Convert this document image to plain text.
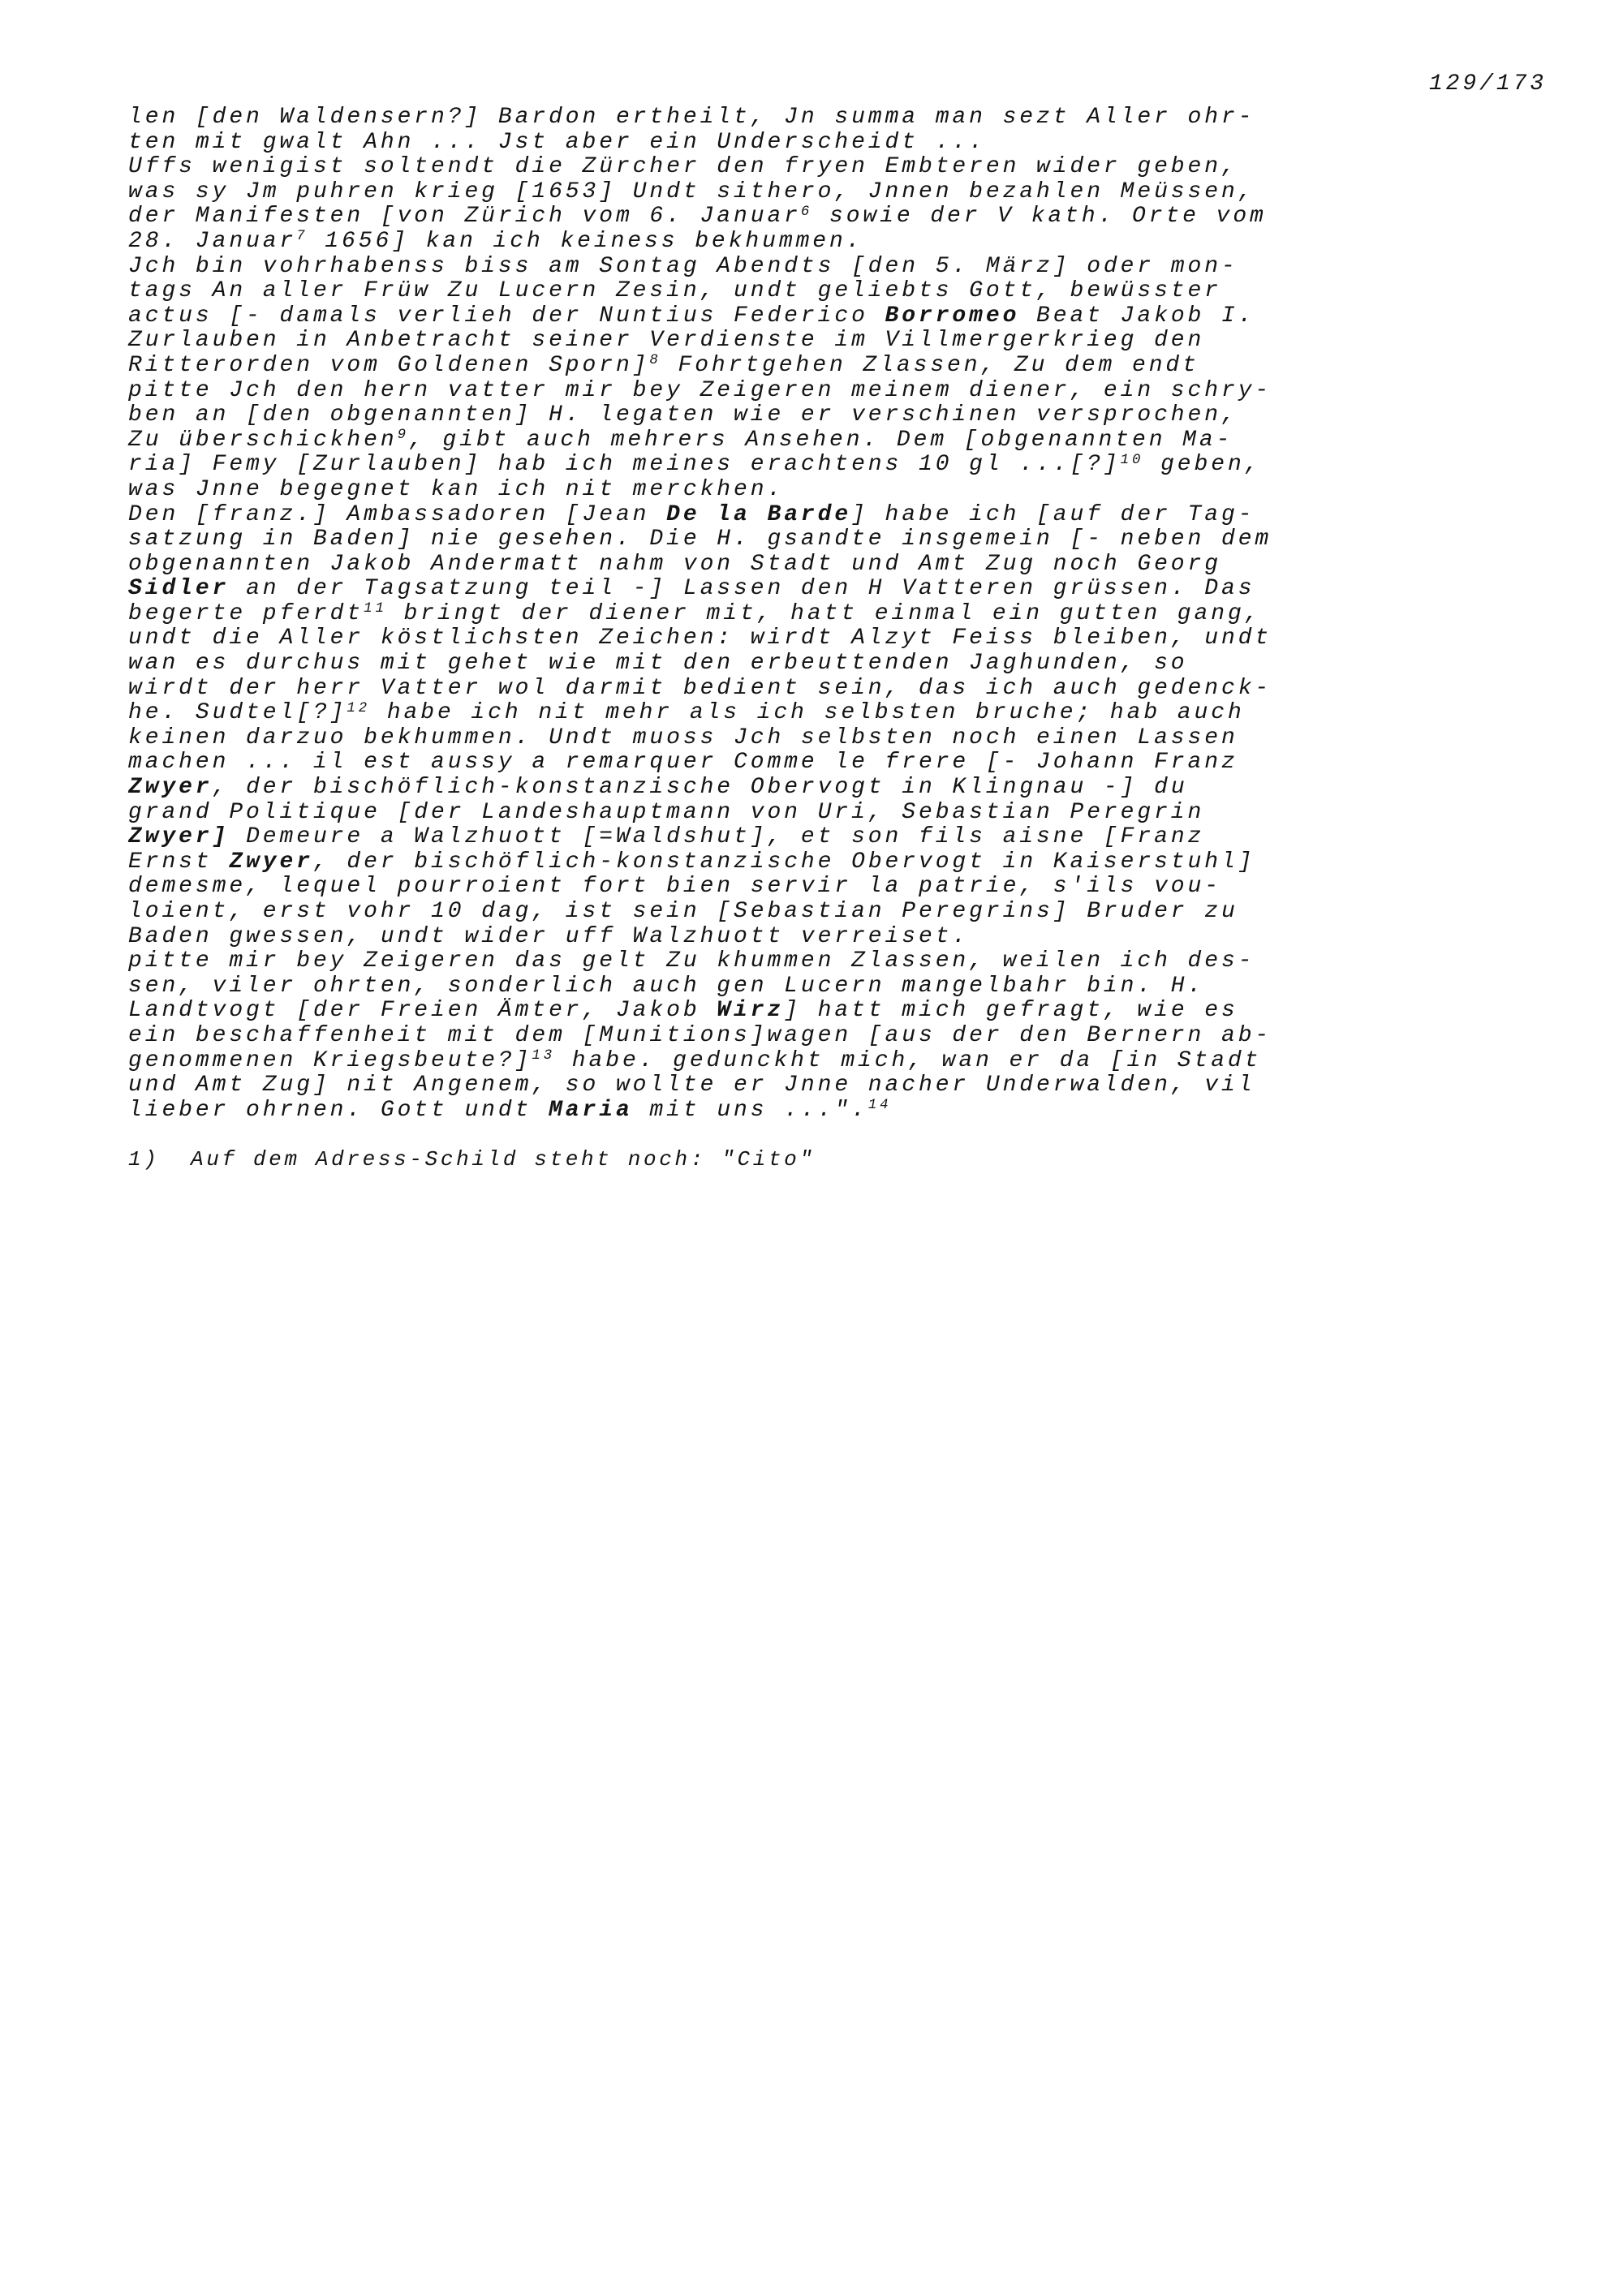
129/173
len [den Waldensern?] Bardon ertheilt, Jn summa man sezt Aller ohr-
ten mit gwalt Ahn ... Jst aber ein Underscheidt ...
Uffs wenigist soltendt die Zürcher den fryen Embteren wider geben,
was sy Jm puhren krieg [1653] Undt sithero, Jnnen bezahlen Meüssen,
der Manifesten [von Zürich vom 6. Januar$^6$ sowie der V kath. Orte vom
28. Januar$^7$ 1656] kan ich keiness bekhummen.
Jch bin vohrhabenss biss am Sontag Abendts [den 5. März] oder mon-
tags An aller Früw Zu Lucern Zesin, undt geliebts Gott, bewüsster
actus [- damals verlieh der Nuntius Federico Borromeo Beat Jakob I.
Zurlauben in Anbetracht seiner Verdienste im Villmergerkrieg den
Ritterorden vom Goldenen Sporn]$^8$ Fohrtgehen Zlassen, Zu dem endt
pitte Jch den hern vatter mir bey Zeigeren meinem diener, ein schry-
ben an [den obgenannten] H. legaten wie er verschinen versprochen,
Zu überschickhen$^9$, gibt auch mehrers Ansehen. Dem [obgenannten Ma-
ria] Femy [Zurlauben] hab ich meines erachtens 10 gl ...[?]$^{10}$ geben,
was Jnne begegnet kan ich nit merckhen.
Den [franz.] Ambassadoren [Jean De la Barde] habe ich [auf der Tag-
satzung in Baden] nie gesehen. Die H. gsandte insgemein [- neben dem
obgenannten Jakob Andermatt nahm von Stadt und Amt Zug noch Georg
Sidler an der Tagsatzung teil -] Lassen den H Vatteren grüssen. Das
begerte pferdt$^{11}$ bringt der diener mit, hatt einmal ein gutten gang,
undt die Aller köstlichsten Zeichen: wirdt Alzyt Feiss bleiben, undt
wan es durchus mit gehet wie mit den erbeuttenden Jaghunden, so
wirdt der herr Vatter wol darmit bedient sein, das ich auch gedenck-
he. Sudtel[?]$^{12}$ habe ich nit mehr als ich selbsten bruche; hab auch
keinen darzuo bekhummen. Undt muoss Jch selbsten noch einen Lassen
machen ... il est aussy a remarquer Comme le frere [- Johann Franz
Zwyer, der bischöflich-konstanzische Obervogt in Klingnau -] du
grand Politique [der Landeshauptmann von Uri, Sebastian Peregrin
Zwyer] Demeure a Walzhuott [=Waldshut], et son fils aisne [Franz
Ernst Zwyer, der bischöflich-konstanzische Obervogt in Kaiserstuhl]
demesme, lequel pourroient fort bien servir la patrie, s'ils vou-
loient, erst vohr 10 dag, ist sein [Sebastian Peregrins] Bruder zu
Baden gwessen, undt wider uff Walzhuott verreiset.
pitte mir bey Zeigeren das gelt Zu khummen Zlassen, weilen ich des-
sen, viler ohrten, sonderlich auch gen Lucern mangelbahr bin. H.
Landtvogt [der Freien Ämter, Jakob Wirz] hatt mich gefragt, wie es
ein beschaffenheit mit dem [Munitions]wagen [aus der den Bernern ab-
genommenen Kriegsbeute?]$^{13}$ habe. gedunckht mich, wan er da [in Stadt
und Amt Zug] nit Angenem, so wollte er Jnne nacher Underwalden, vil
lieber ohrnen. Gott undt Maria mit uns ...".$^{14}$
1)  Auf dem Adress-Schild steht noch: "Cito"
